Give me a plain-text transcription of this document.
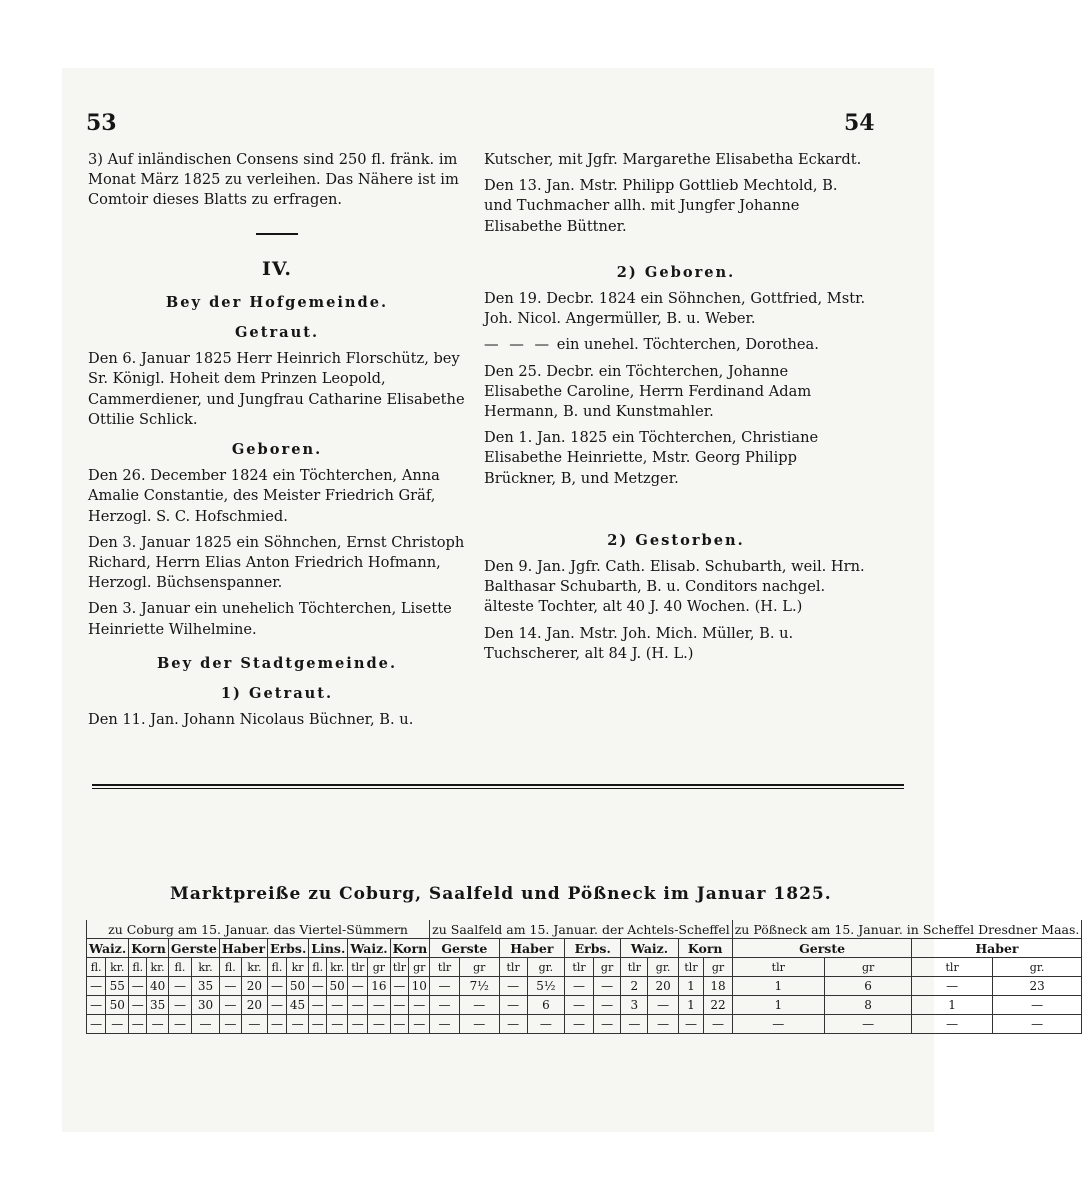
53	54

3) Auf inländischen Consens sind 250 fl. fränk. im Monat März 1825 zu verleihen. Das Nähere ist im Comtoir dieses Blatts zu erfragen.

IV.
Bey der Hofgemeinde.
Getraut.

Den 6. Januar 1825 Herr Heinrich Florschütz, bey Sr. Königl. Hoheit dem Prinzen Leopold, Cammerdiener, und Jungfrau Catharine Elisabethe Ottilie Schlick.

Geboren.

Den 26. December 1824 ein Töchterchen, Anna Amalie Constantie, des Meister Friedrich Gräf, Herzogl. S. C. Hofschmied.

Den 3. Januar 1825 ein Söhnchen, Ernst Christoph Richard, Herrn Elias Anton Friedrich Hofmann, Herzogl. Büchsenspanner.

Den 3. Januar ein unehelich Töchterchen, Lisette Heinriette Wilhelmine.

Bey der Stadtgemeinde.
1) Getraut.

Den 11. Jan. Johann Nicolaus Büchner, B. u.

Kutscher, mit Jgfr. Margarethe Elisabetha Eckardt.

Den 13. Jan. Mstr. Philipp Gottlieb Mechtold, B. und Tuchmacher allh. mit Jungfer Johanne Elisabethe Büttner.

2) Geboren.

Den 19. Decbr. 1824 ein Söhnchen, Gottfried, Mstr. Joh. Nicol. Angermüller, B. u. Weber.

— — — ein unehel. Töchterchen, Dorothea.

Den 25. Decbr. ein Töchterchen, Johanne Elisabethe Caroline, Herrn Ferdinand Adam Hermann, B. und Kunstmahler.

Den 1. Jan. 1825 ein Töchterchen, Christiane Elisabethe Heinriette, Mstr. Georg Philipp Brückner, B, und Metzger.

2) Gestorben.

Den 9. Jan. Jgfr. Cath. Elisab. Schubarth, weil. Hrn. Balthasar Schubarth, B. u. Conditors nachgel. älteste Tochter, alt 40 J. 40 Wochen. (H. L.)

Den 14. Jan. Mstr. Joh. Mich. Müller, B. u. Tuchscherer, alt 84 J. (H. L.)

Marktpreiße zu Coburg, Saalfeld und Pößneck im Januar 1825.
zu Coburg am 15. Januar. das Viertel-Sümmern																zu Saalfeld am 15. Januar. der Achtels-Scheffel										zu Pößneck am 15. Januar. in Scheffel Dresdner Maas.			
Waiz.		Korn		Gerste		Haber		Erbs.		Lins.		Waiz.		Korn		Gerste		Haber		Erbs.		Waiz.		Korn		Gerste		Haber	
fl.	kr.	fl.	kr.	fl.	kr.	fl.	kr.	fl.	kr	fl.	kr.	tlr	gr	tlr	gr	tlr	gr	tlr	gr.	tlr	gr	tlr	gr.	tlr	gr	tlr	gr	tlr	gr.
—	55	—	40	—	35	—	20	—	50	—	50	—	16	—	10	—	7½	—	5½	—	—	2	20	1	18	1	6	—	23
—	50	—	35	—	30	—	20	—	45	—	—	—	—	—	—	—	—	—	6	—	—	3	—	1	22	1	8	1	—
—	—	—	—	—	—	—	—	—	—	—	—	—	—	—	—	—	—	—	—	—	—	—	—	—	—	—	—	—	—
